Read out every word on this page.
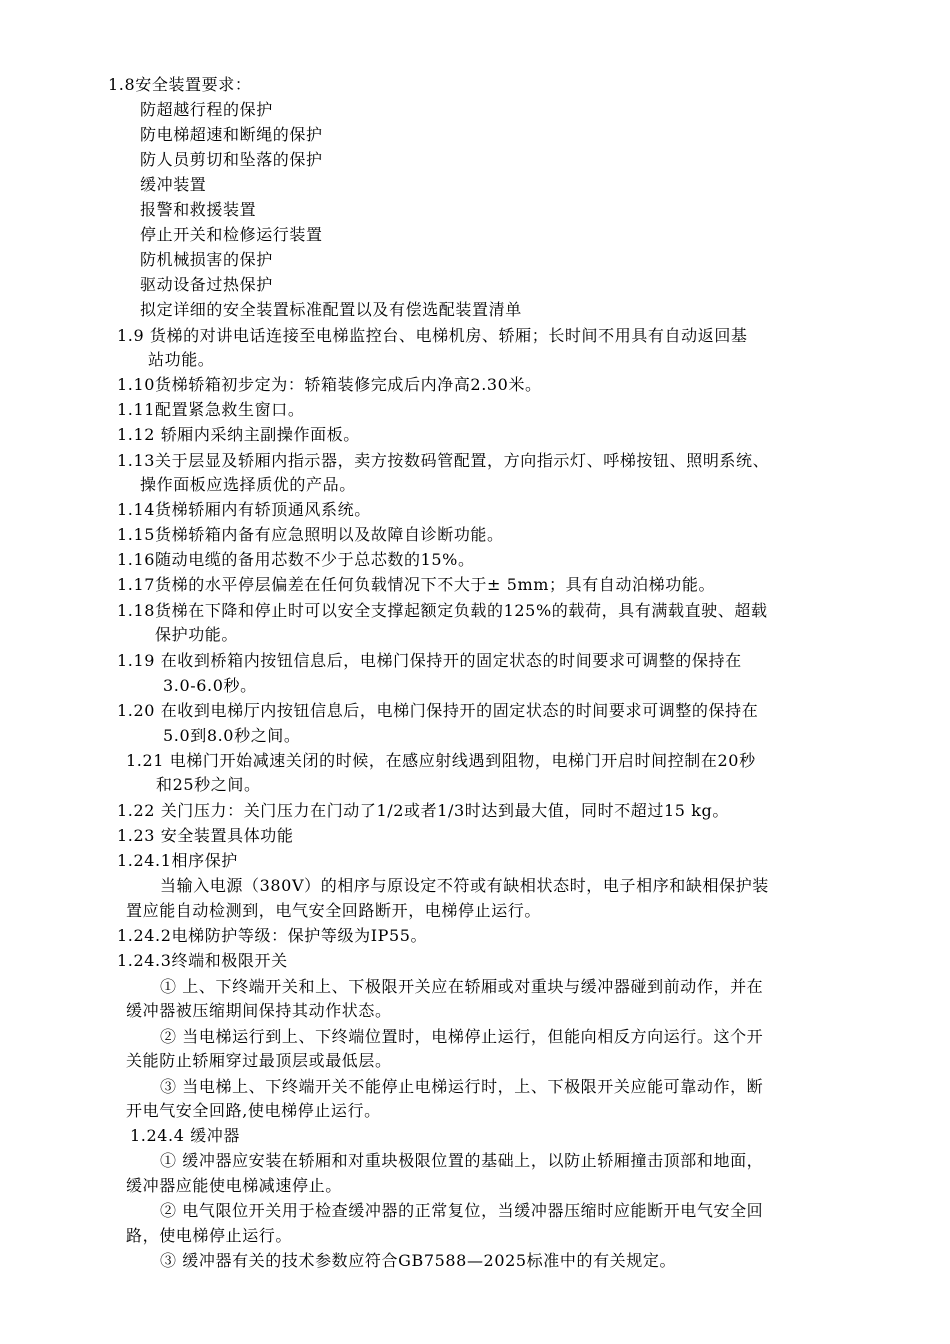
1.8安全装置要求：
防超越行程的保护
防电梯超速和断绳的保护
防人员剪切和坠落的保护
缓冲装置
报警和救援装置
停止开关和检修运行装置
防机械损害的保护
驱动设备过热保护
拟定详细的安全装置标准配置以及有偿选配装置清单
1.9 货梯的对讲电话连接至电梯监控台、电梯机房、轿厢；长时间不用具有自动返回基
站功能。
1.10货梯轿箱初步定为：轿箱装修完成后内净高2.30米。
1.11配置紧急救生窗口。
1.12 轿厢内采纳主副操作面板。
1.13关于层显及轿厢内指示器，卖方按数码管配置，方向指示灯、呼梯按钮、照明系统、
操作面板应选择质优的产品。
1.14货梯轿厢内有轿顶通风系统。
1.15货梯轿箱内备有应急照明以及故障自诊断功能。
1.16随动电缆的备用芯数不少于总芯数的15%。
1.17货梯的水平停层偏差在任何负载情况下不大于± 5mm；具有自动泊梯功能。
1.18货梯在下降和停止时可以安全支撑起额定负载的125%的载荷，具有满载直驶、超载
保护功能。
1.19 在收到桥箱内按钮信息后，电梯门保持开的固定状态的时间要求可调整的保持在
3.0-6.0秒。
1.20 在收到电梯厅内按钮信息后，电梯门保持开的固定状态的时间要求可调整的保持在
5.0到8.0秒之间。
1.21 电梯门开始减速关闭的时候，在感应射线遇到阻物，电梯门开启时间控制在20秒
和25秒之间。
1.22 关门压力：关门压力在门动了1/2或者1/3时达到最大值，同时不超过15 kg。
1.23 安全装置具体功能
1.24.1相序保护
当输入电源（380V）的相序与原设定不符或有缺相状态时，电子相序和缺相保护装
置应能自动检测到，电气安全回路断开，电梯停止运行。
1.24.2电梯防护等级：保护等级为IP55。
1.24.3终端和极限开关
① 上、下终端开关和上、下极限开关应在轿厢或对重块与缓冲器碰到前动作，并在
缓冲器被压缩期间保持其动作状态。
② 当电梯运行到上、下终端位置时，电梯停止运行，但能向相反方向运行。这个开
关能防止轿厢穿过最顶层或最低层。
③ 当电梯上、下终端开关不能停止电梯运行时，上、下极限开关应能可靠动作，断
开电气安全回路,使电梯停止运行。
1.24.4 缓冲器
① 缓冲器应安装在轿厢和对重块极限位置的基础上，以防止轿厢撞击顶部和地面，
缓冲器应能使电梯减速停止。
② 电气限位开关用于检查缓冲器的正常复位，当缓冲器压缩时应能断开电气安全回
路，使电梯停止运行。
③ 缓冲器有关的技术参数应符合GB7588—2025标准中的有关规定。
